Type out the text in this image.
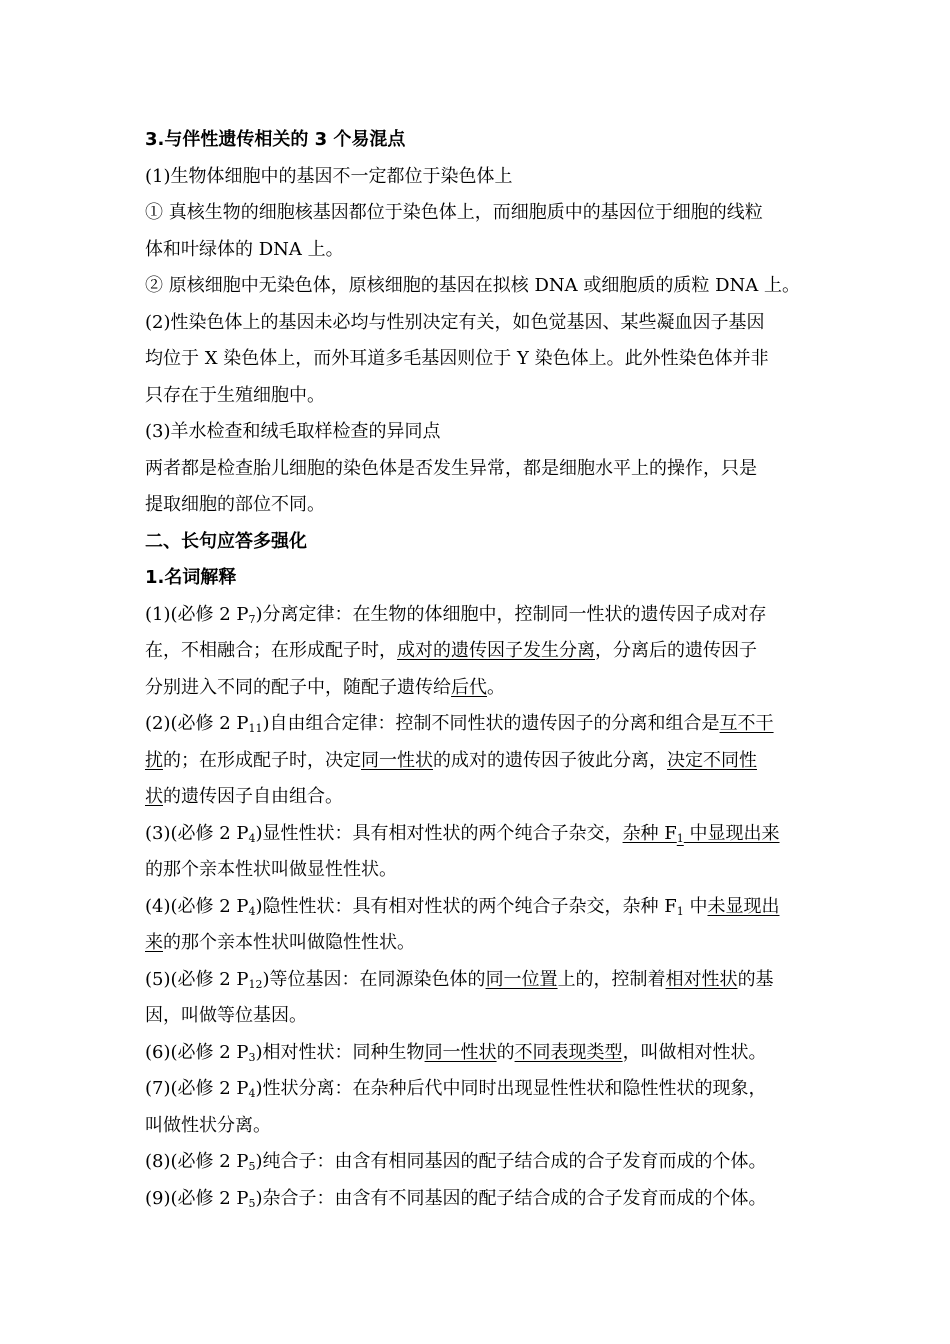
3.与伴性遗传相关的 3 个易混点
(1)生物体细胞中的基因不一定都位于染色体上
① 真核生物的细胞核基因都位于染色体上，而细胞质中的基因位于细胞的线粒
体和叶绿体的 DNA 上。
② 原核细胞中无染色体，原核细胞的基因在拟核 DNA 或细胞质的质粒 DNA 上。
(2)性染色体上的基因未必均与性别决定有关，如色觉基因、某些凝血因子基因
均位于 X 染色体上，而外耳道多毛基因则位于 Y 染色体上。此外性染色体并非
只存在于生殖细胞中。
(3)羊水检查和绒毛取样检查的异同点
两者都是检查胎儿细胞的染色体是否发生异常，都是细胞水平上的操作，只是
提取细胞的部位不同。
二、长句应答多强化
1.名词解释
(1)(必修 2 $P_7$)分离定律：在生物的体细胞中，控制同一性状的遗传因子成对存
在，不相融合；在形成配子时，成对的遗传因子发生分离，分离后的遗传因子
分别进入不同的配子中，随配子遗传给后代。
(2)(必修 2 $P_{11}$)自由组合定律：控制不同性状的遗传因子的分离和组合是互不干
扰的；在形成配子时，决定同一性状的成对的遗传因子彼此分离，决定不同性
状的遗传因子自由组合。
(3)(必修 2 $P_4$)显性性状：具有相对性状的两个纯合子杂交，杂种 $F_1$ 中显现出来
的那个亲本性状叫做显性性状。
(4)(必修 2 $P_4$)隐性性状：具有相对性状的两个纯合子杂交，杂种 $F_1$ 中未显现出
来的那个亲本性状叫做隐性性状。
(5)(必修 2 $P_{12}$)等位基因：在同源染色体的同一位置上的，控制着相对性状的基
因，叫做等位基因。
(6)(必修 2 $P_3$)相对性状：同种生物同一性状的不同表现类型，叫做相对性状。
(7)(必修 2 $P_4$)性状分离：在杂种后代中同时出现显性性状和隐性性状的现象，
叫做性状分离。
(8)(必修 2 $P_5$)纯合子：由含有相同基因的配子结合成的合子发育而成的个体。
(9)(必修 2 $P_5$)杂合子：由含有不同基因的配子结合成的合子发育而成的个体。
